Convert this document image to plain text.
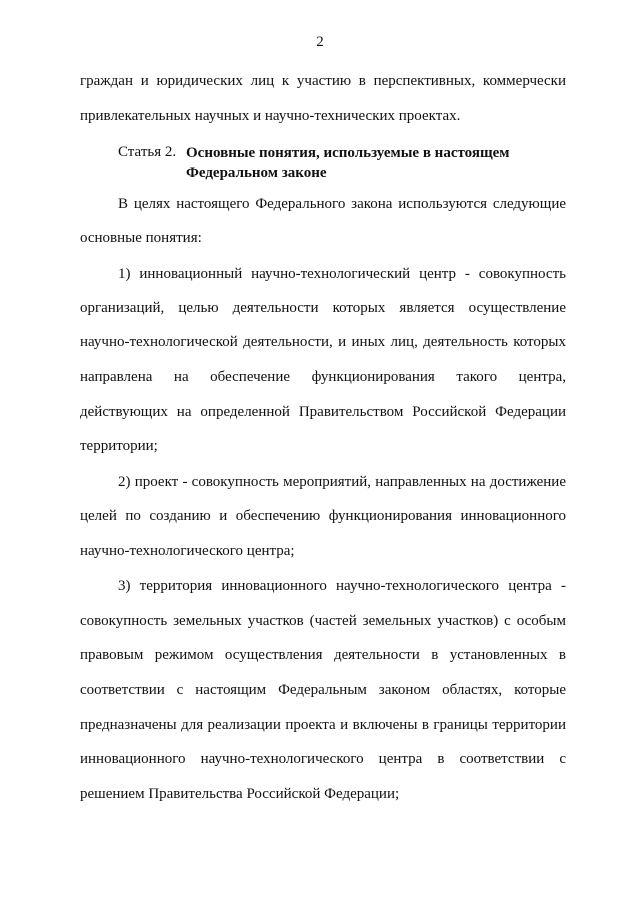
2
граждан и юридических лиц к участию в перспективных, коммерчески
привлекательных научных и научно-технических проектах.
Статья 2. Основные понятия, используемые в настоящем
Федеральном законе
В целях настоящего Федерального закона используются следующие
основные понятия:
1) инновационный научно-технологический центр - совокупность
организаций, целью деятельности которых является осуществление
научно-технологической деятельности, и иных лиц, деятельность которых
направлена на обеспечение функционирования такого центра,
действующих на определенной Правительством Российской Федерации
территории;
2) проект - совокупность мероприятий, направленных на достижение
целей по созданию и обеспечению функционирования инновационного
научно-технологического центра;
3) территория инновационного научно-технологического центра -
совокупность земельных участков (частей земельных участков) с особым
правовым режимом осуществления деятельности в установленных в
соответствии с настоящим Федеральным законом областях, которые
предназначены для реализации проекта и включены в границы территории
инновационного научно-технологического центра в соответствии с
решением Правительства Российской Федерации;
